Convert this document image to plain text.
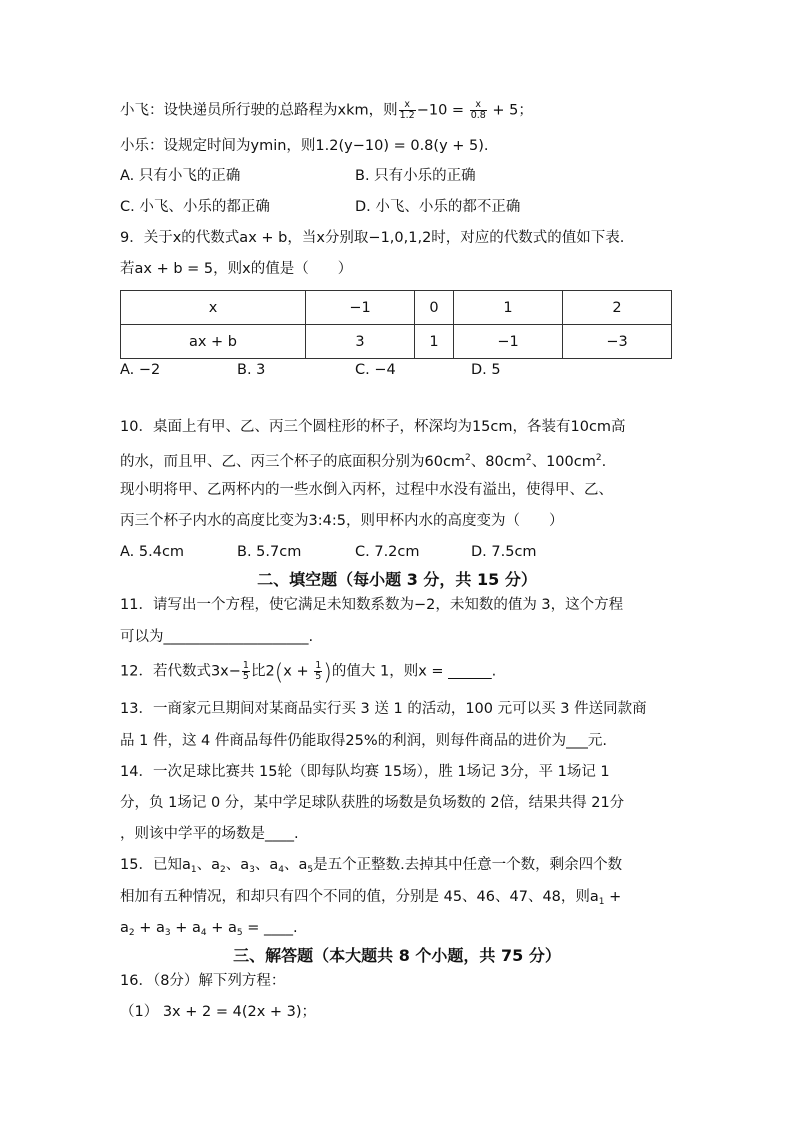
小飞：设快递员所行驶的总路程为xkm，则 $\frac{x}{1.2} -10 = \frac{x}{0.8} + 5$；
小乐：设规定时间为ymin，则1.2(y−10) = 0.8(y + 5).
A. 只有小飞的正确	B. 只有小乐的正确
C. 小飞、小乐的都正确	D. 小飞、小乐的都不正确
9．关于x的代数式ax + b，当x分别取−1,0,1,2时，对应的代数式的值如下表.
若ax + b = 5，则x的值是（　　）
x	−1	0	1	2
ax + b	3	1	−1	−3
A. −2	B. 3	C. −4	D. 5
10．桌面上有甲、乙、丙三个圆柱形的杯子，杯深均为15cm，各装有10cm高
的水，而且甲、乙、丙三个杯子的底面积分别为$60cm^2$、$80cm^2$、$100cm^2$.
现小明将甲、乙两杯内的一些水倒入丙杯，过程中水没有溢出，使得甲、乙、
丙三个杯子内水的高度比变为3:4:5，则甲杯内水的高度变为（　　）
A. 5.4cm	B. 5.7cm	C. 7.2cm	D. 7.5cm
二、填空题（每小题 3 分，共 15 分）
11．请写出一个方程，使它满足未知数系数为−2，未知数的值为 3，这个方程
可以为____________________.
12．若代数式$3x- \frac{1}{5}$ 比$2(x + \frac{1}{5}$ )的值大 1，则x = ______.
13．一商家元旦期间对某商品实行买 3 送 1 的活动，100 元可以买 3 件送同款商
品 1 件，这 4 件商品每件仍能取得25%的利润，则每件商品的进价为___元.
14．一次足球比赛共 15轮（即每队均赛 15场），胜 1场记 3分，平 1场记 1
分，负 1场记 0 分，某中学足球队获胜的场数是负场数的 2倍，结果共得 21分
，则该中学平的场数是____.
15．已知$a_1$、$a_2$、$a_3$、$a_4$、$a_5$是五个正整数.去掉其中任意一个数，剩余四个数
相加有五种情况，和却只有四个不同的值，分别是 45、46、47、48，则$a_1$ +
$a_2 + a_3 + a_4 + a_5$ = ____.
三、解答题（本大题共 8 个小题，共 75 分）
16．（8分）解下列方程：
（1） 3x + 2 = 4(2x + 3)；
